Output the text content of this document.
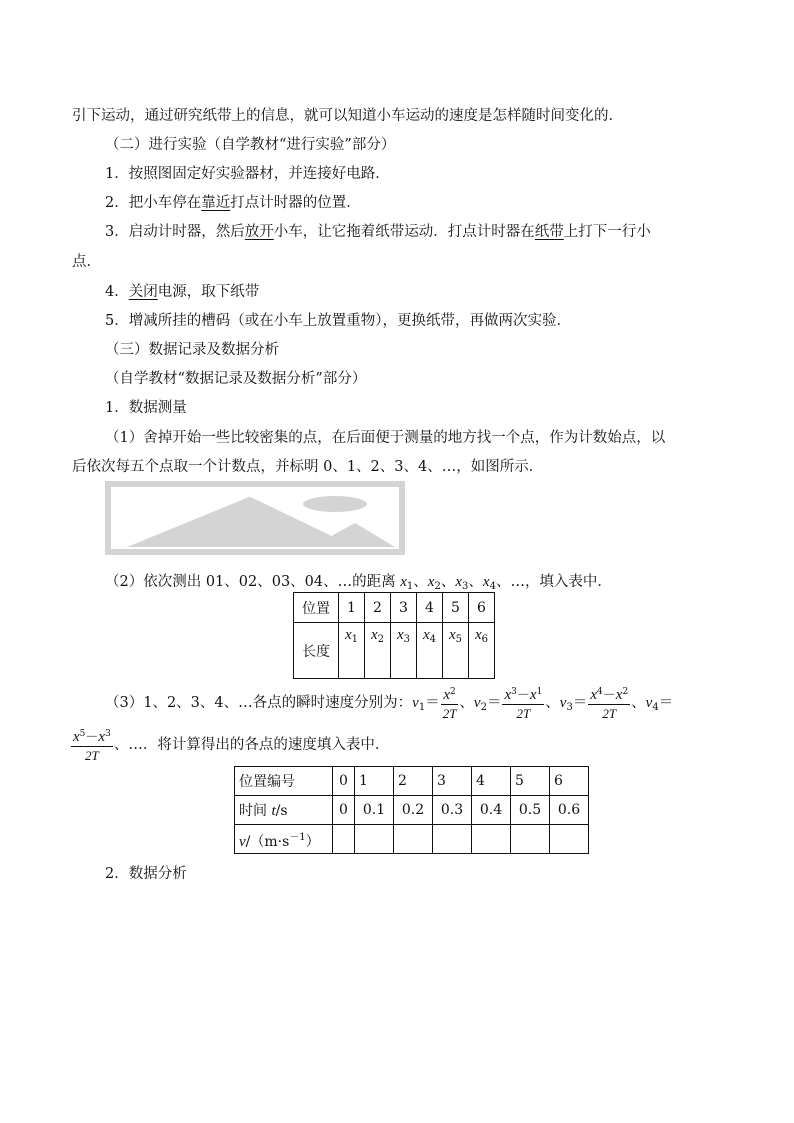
引下运动，通过研究纸带上的信息，就可以知道小车运动的速度是怎样随时间变化的．
（二）进行实验（自学教材“进行实验”部分）
1．按照图固定好实验器材，并连接好电路．
2．把小车停在靠近打点计时器的位置．
3．启动计时器，然后放开小车，让它拖着纸带运动．打点计时器在纸带上打下一行小
点．
4．关闭电源，取下纸带
5．增减所挂的槽码（或在小车上放置重物），更换纸带，再做两次实验．
（三）数据记录及数据分析
（自学教材“数据记录及数据分析”部分）
1．数据测量
（1）舍掉开始一些比较密集的点，在后面便于测量的地方找一个点，作为计数始点，以
后依次每五个点取一个计数点，并标明 0、1、2、3、4、…，如图所示．
（2）依次测出 01、02、03、04、…的距离 $x_1$、$x_2$、$x_3$、$x_4$、…，填入表中．
位置	1	2	3	4	5	6
长度	$x_1$	$x_2$	$x_3$	$x_4$	$x_5$	$x_6$
（3）1、2、3、4、…各点的瞬时速度分别为：$v_1= \frac{x^2}{2T}$ 、$v_2= \frac{x^3-x^1}{2T}$ 、$v_3= \frac{x^4-x^2}{2T}$ 、$v_4=$
$\frac{x^5-x^3}{2T}$ 、…．将计算得出的各点的速度填入表中．
位置编号	0	1	2	3	4	5	6
时间 t/s	0	0.1	0.2	0.3	0.4	0.5	0.6
$v/(m\cdot s^{-1})$							
2．数据分析
